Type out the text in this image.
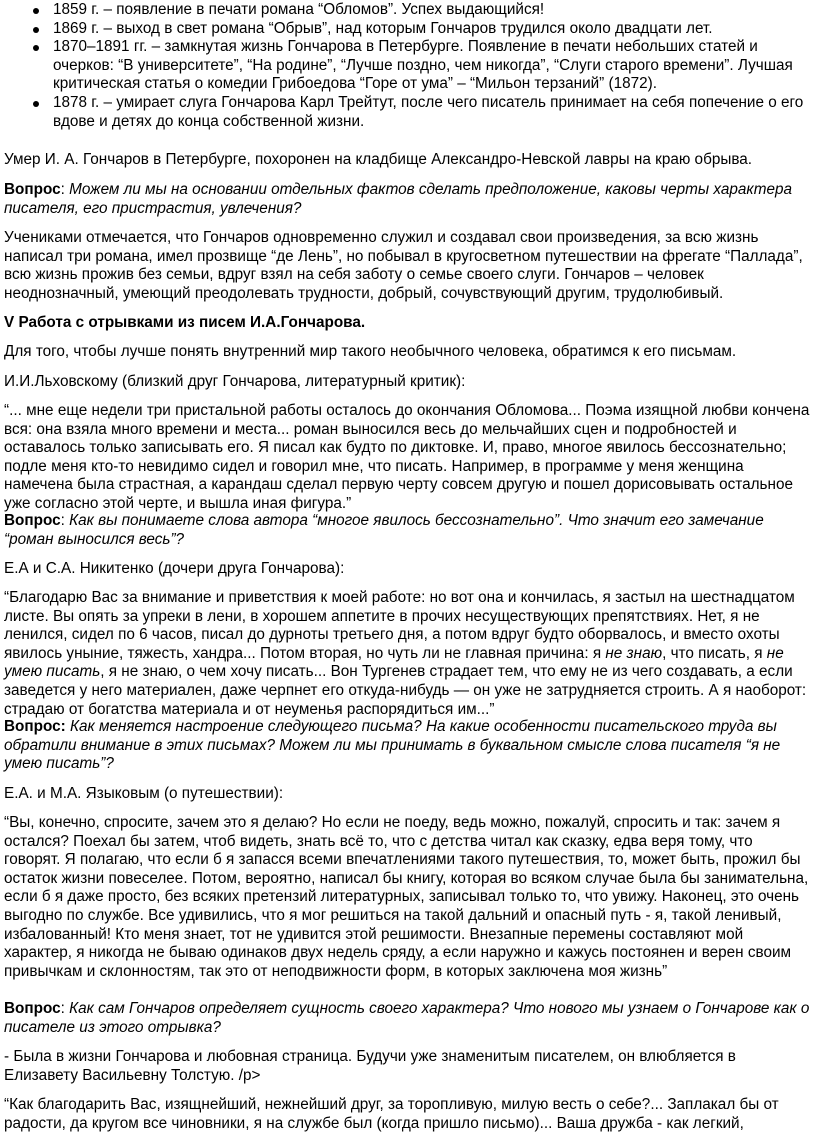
1859 г. – появление в печати романа “Обломов”. Успех выдающийся!
1869 г. – выход в свет романа “Обрыв”, над которым Гончаров трудился около двадцати лет.
1870–1891 гг. – замкнутая жизнь Гончарова в Петербурге. Появление в печати небольших статей и очерков: “В университете”, “На родине”, “Лучше поздно, чем никогда”, “Слуги старого времени”. Лучшая критическая статья о комедии Грибоедова “Горе от ума” – “Мильон терзаний” (1872).
1878 г. – умирает слуга Гончарова Карл Трейтут, после чего писатель принимает на себя попечение о его вдове и детях до конца собственной жизни.

Умер И. А. Гончаров в Петербурге, похоронен на кладбище Александро-Невской лавры на краю обрыва.

Вопрос: Можем ли мы на основании отдельных фактов сделать предположение, каковы черты характера писателя, его пристрастия, увлечения?

Учениками отмечается, что Гончаров одновременно служил и создавал свои произведения, за всю жизнь написал три романа, имел прозвище “де Лень”, но побывал в кругосветном путешествии на фрегате “Паллада”, всю жизнь прожив без семьи, вдруг взял на себя заботу о семье своего слуги. Гончаров – человек неоднозначный, умеющий преодолевать трудности, добрый, сочувствующий другим, трудолюбивый.

V Работа с отрывками из писем И.А.Гончарова.

Для того, чтобы лучше понять внутренний мир такого необычного человека, обратимся к его письмам.

И.И.Льховскому (близкий друг Гончарова, литературный критик):

“... мне еще недели три пристальной работы осталось до окончания Обломова... Поэма изящной любви кончена вся: она взяла много времени и места... роман выносился весь до мельчайших сцен и подробностей и оставалось только записывать его. Я писал как будто по диктовке. И, право, многое явилось бессознательно; подле меня кто-то невидимо сидел и говорил мне, что писать. Например, в программе у меня женщина намечена была страстная, а карандаш сделал первую черту совсем другую и пошел дорисовывать остальное уже согласно этой черте, и вышла иная фигура.”

Вопрос: Как вы понимаете слова автора “многое явилось бессознательно”. Что значит его замечание “роман выносился весь”?

Е.А и С.А. Никитенко (дочери друга Гончарова):

“Благодарю Вас за внимание и приветствия к моей работе: но вот она и кончилась, я застыл на шестнадцатом листе. Вы опять за упреки в лени, в хорошем аппетите в прочих несуществующих препятствиях. Нет, я не ленился, сидел по 6 часов, писал до дурноты третьего дня, а потом вдруг будто оборвалось, и вместо охоты явилось уныние, тяжесть, хандра... Потом вторая, но чуть ли не главная причина: я не знаю, что писать, я не умею писать, я не знаю, о чем хочу писать... Вон Тургенев страдает тем, что ему не из чего создавать, а если заведется у него материален, даже черпнет его откуда-нибудь — он уже не затрудняется строить. А я наоборот: страдаю от богатства материала и от неуменья распорядиться им...”

Вопрос: Как меняется настроение следующего письма? На какие особенности писательского труда вы обратили внимание в этих письмах? Можем ли мы принимать в буквальном смысле слова писателя “я не умею писать”?

Е.А. и М.А. Языковым (о путешествии):

“Вы, конечно, спросите, зачем это я делаю? Но если не поеду, ведь можно, пожалуй, спросить и так: зачем я остался? Поехал бы затем, чтоб видеть, знать всё то, что с детства читал как сказку, едва веря тому, что говорят. Я полагаю, что если б я запасся всеми впечатлениями такого путешествия, то, может быть, прожил бы остаток жизни повеселее. Потом, вероятно, написал бы книгу, которая во всяком случае была бы занимательна, если б я даже просто, без всяких претензий литературных, записывал только то, что увижу. Наконец, это очень выгодно по службе. Все удивились, что я мог решиться на такой дальний и опасный путь - я, такой ленивый, избалованный! Кто меня знает, тот не удивится этой решимости. Внезапные перемены составляют мой характер, я никогда не бываю одинаков двух недель сряду, а если наружно и кажусь постоянен и верен своим привычкам и склонностям, так это от неподвижности форм, в которых заключена моя жизнь”

Вопрос: Как сам Гончаров определяет сущность своего характера? Что нового мы узнаем о Гончарове как о писателе из этого отрывка?

- Была в жизни Гончарова и любовная страница. Будучи уже знаменитым писателем, он влюбляется в Елизавету Васильевну Толстую. /p>

“Как благодарить Вас, изящнейший, нежнейший друг, за торопливую, милую весть о себе?... Заплакал бы от радости, да кругом все чиновники, я на службе был (когда пришло письмо)... Ваша дружба - как легкий,
